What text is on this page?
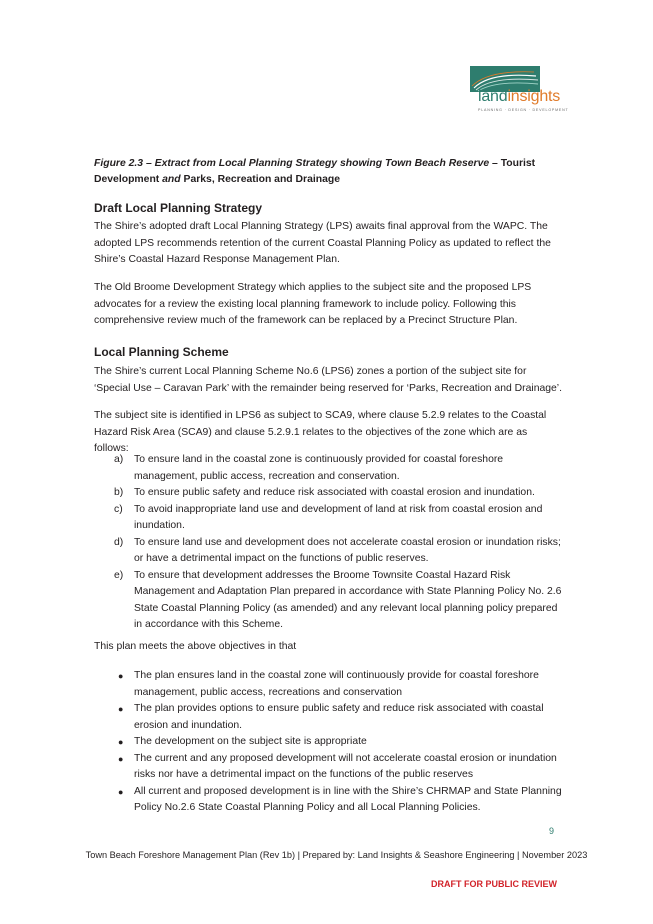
landinsights
PLANNING · DESIGN · DEVELOPMENT
Figure 2.3 – Extract from Local Planning Strategy showing Town Beach Reserve – Tourist Development and Parks, Recreation and Drainage
Draft Local Planning Strategy

The Shire’s adopted draft Local Planning Strategy (LPS) awaits final approval from the WAPC. The adopted LPS recommends retention of the current Coastal Planning Policy as updated to reflect the Shire’s Coastal Hazard Response Management Plan.

The Old Broome Development Strategy which applies to the subject site and the proposed LPS advocates for a review the existing local planning framework to include policy. Following this comprehensive review much of the framework can be replaced by a Precinct Structure Plan.

Local Planning Scheme

The Shire’s current Local Planning Scheme No.6 (LPS6) zones a portion of the subject site for ‘Special Use – Caravan Park’ with the remainder being reserved for ‘Parks, Recreation and Drainage’.

The subject site is identified in LPS6 as subject to SCA9, where clause 5.2.9 relates to the Coastal Hazard Risk Area (SCA9) and clause 5.2.9.1 relates to the objectives of the zone which are as follows:

a) To ensure land in the coastal zone is continuously provided for coastal foreshore management, public access, recreation and conservation.
b) To ensure public safety and reduce risk associated with coastal erosion and inundation.
c) To avoid inappropriate land use and development of land at risk from coastal erosion and inundation.
d) To ensure land use and development does not accelerate coastal erosion or inundation risks; or have a detrimental impact on the functions of public reserves.
e) To ensure that development addresses the Broome Townsite Coastal Hazard Risk Management and Adaptation Plan prepared in accordance with State Planning Policy No. 2.6 State Coastal Planning Policy (as amended) and any relevant local planning policy prepared in accordance with this Scheme.

This plan meets the above objectives in that

● The plan ensures land in the coastal zone will continuously provide for coastal foreshore management, public access, recreations and conservation
● The plan provides options to ensure public safety and reduce risk associated with coastal erosion and inundation.
● The development on the subject site is appropriate
● The current and any proposed development will not accelerate coastal erosion or inundation risks nor have a detrimental impact on the functions of the public reserves
● All current and proposed development is in line with the Shire’s CHRMAP and State Planning Policy No.2.6 State Coastal Planning Policy and all Local Planning Policies.
9
Town Beach Foreshore Management Plan (Rev 1b) | Prepared by: Land Insights & Seashore Engineering | November 2023
DRAFT FOR PUBLIC REVIEW
